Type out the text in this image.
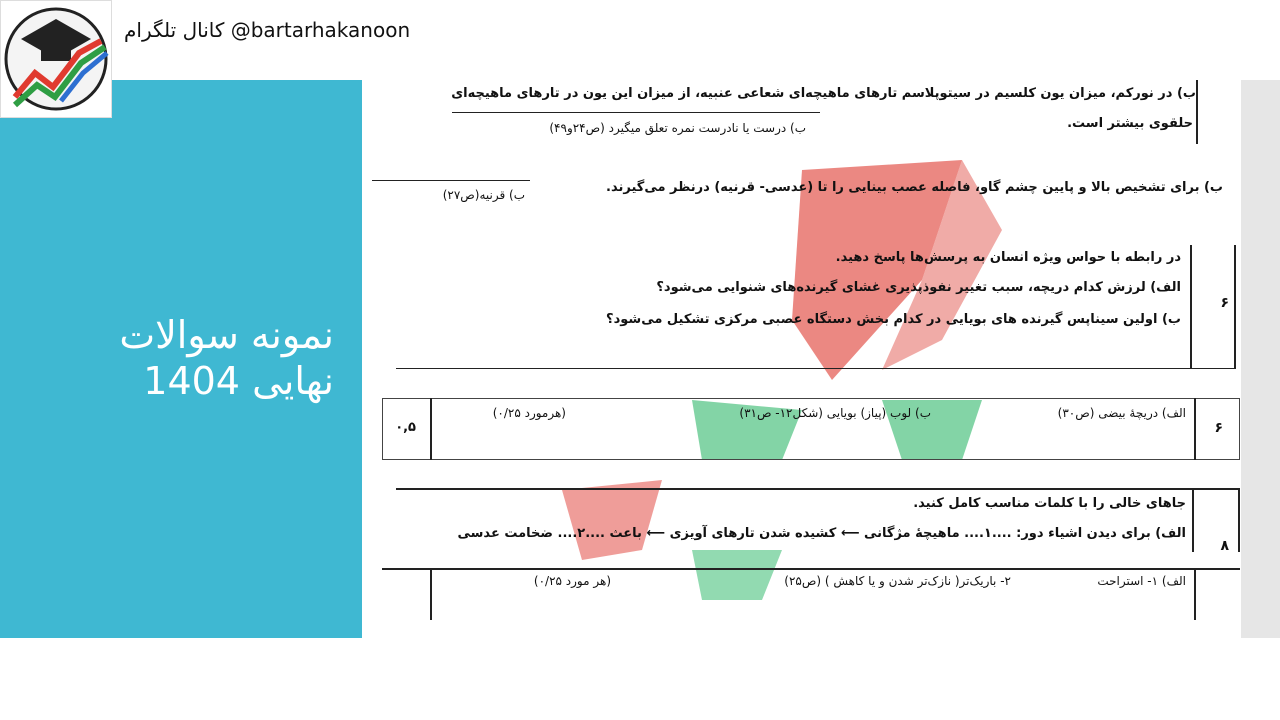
نمونه سوالات
نهایی 1404
کانال تلگرام @bartarhakanoon
ب) در نورکم، میزان یون کلسیم در سیتوپلاسم تارهای ماهیچه‌ای شعاعی عنبیه، از میزان این یون در تارهای ماهیچه‌ای
حلقوی بیشتر است.
ب) درست یا نادرست نمره تعلق میگیرد (ص۲۴و۴۹)
ب) برای تشخیص بالا و پایین چشم گاو، فاصله عصب بینایی را تا (عدسی- قرنیه) درنظر می‌گیرند.
ب) قرنیه(ص۲۷)
در رابطه با حواس ویژه انسان به پرسش‌ها پاسخ دهید.
الف) لرزش کدام دریچه، سبب تغییر نفوذپذیری غشای گیرنده‌های شنوایی می‌شود؟
ب) اولین سیناپس گیرنده های بویایی در کدام بخش دستگاه عصبی مرکزی تشکیل می‌شود؟
۶
الف) دریچۀ بیضی (ص۳۰)
ب) لوب (پیاز) بویایی (شکل۱۲- ص۳۱)
(هرمورد ۰/۲۵)
۶
۰,۵
جاهای خالی را با کلمات مناسب کامل کنید.
الف) برای دیدن اشیاء دور: ....۱.... ماهیچۀ مژگانی ⟵ کشیده شدن تارهای آویزی ⟵ باعث ....۲.... ضخامت عدسی
۸
الف) ۱- استراحت
۲- باریک‌تر( نازک‌تر شدن و یا کاهش ) (ص۲۵)
(هر مورد ۰/۲۵)
